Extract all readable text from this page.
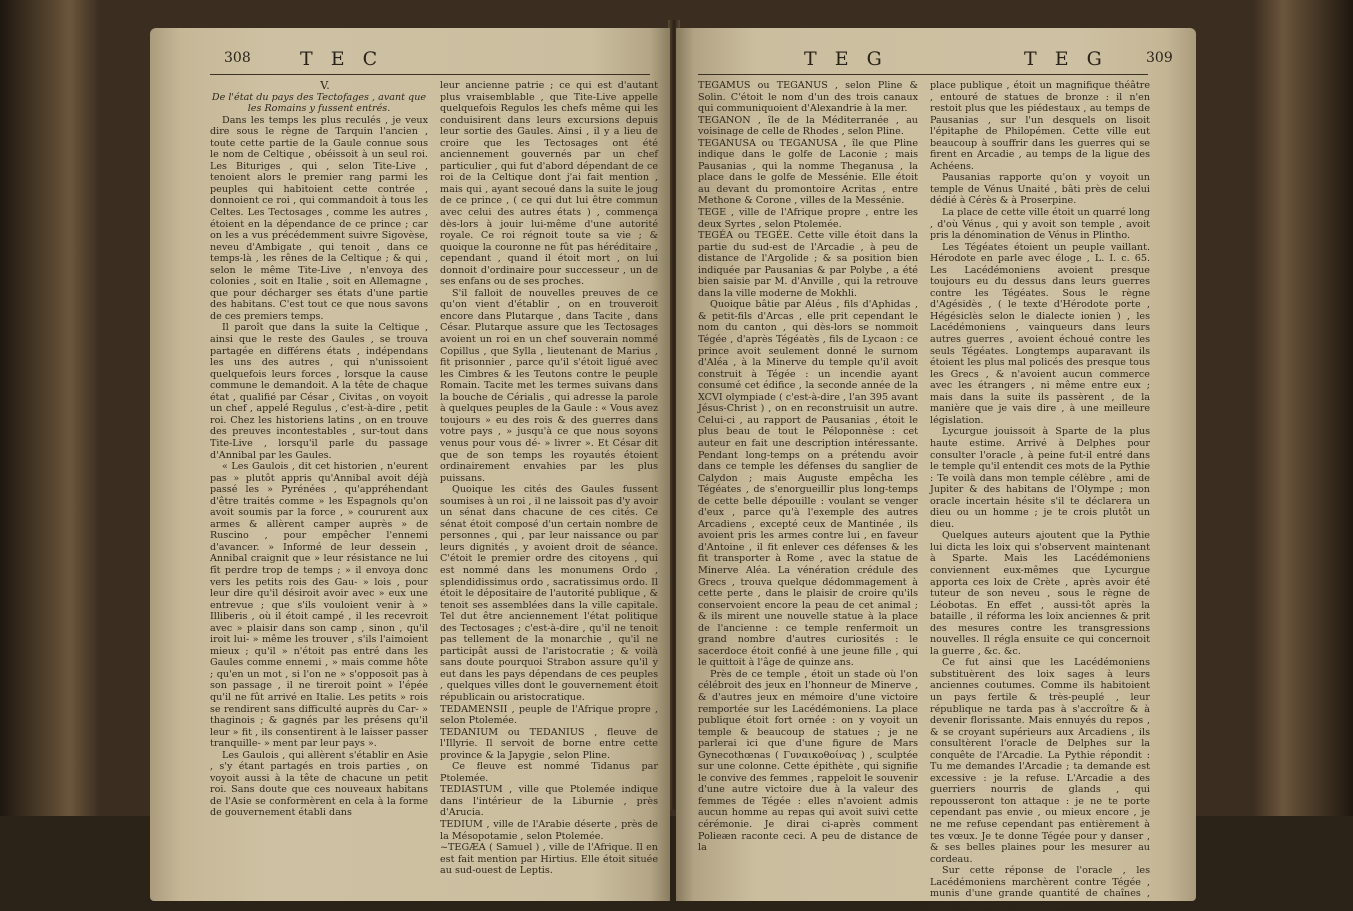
308	T E C

V.

De l'état du pays des Tectofages , avant que les Romains y fussent entrés.

Dans les temps les plus reculés , je veux dire sous le règne de Tarquin l'ancien , toute cette partie de la Gaule connue sous le nom de Celtique , obéissoit à un seul roi. Les Bituriges , qui , selon Tite-Live , tenoient alors le premier rang parmi les peuples qui habitoient cette contrée , donnoient ce roi , qui commandoit à tous les Celtes. Les Tectosages , comme les autres , étoient en la dépendance de ce prince ; car on les a vus précédemment suivre Sigovèse, neveu d'Ambigate , qui tenoit , dans ce temps-là , les rênes de la Celtique ; & qui , selon le même Tite-Live , n'envoya des colonies , soit en Italie , soit en Allemagne , que pour décharger ses états d'une partie des habitans. C'est tout ce que nous savons de ces premiers temps.

Il paroît que dans la suite la Celtique , ainsi que le reste des Gaules , se trouva partagée en différens états , indépendans les uns des autres , qui n'unissoient quelquefois leurs forces , lorsque la cause commune le demandoit. A la tête de chaque état , qualifié par César , Civitas , on voyoit un chef , appelé Regulus , c'est-à-dire , petit roi. Chez les historiens latins , on en trouve des preuves incontestables , sur-tout dans Tite-Live , lorsqu'il parle du passage d'Annibal par les Gaules.

« Les Gaulois , dit cet historien , n'eurent pas » plutôt appris qu'Annibal avoit déjà passé les » Pyrénées , qu'appréhendant d'être traités comme » les Espagnols qu'on avoit soumis par la force , » coururent aux armes & allèrent camper auprès » de Ruscino , pour empêcher l'ennemi d'avancer. » Informé de leur dessein , Annibal craignit que » leur résistance ne lui fît perdre trop de temps ; » il envoya donc vers les petits rois des Gau- » lois , pour leur dire qu'il désiroit avoir avec » eux une entrevue ; que s'ils vouloient venir à » Illiberis , où il étoit campé , il les recevroit avec » plaisir dans son camp , sinon , qu'il iroit lui- » même les trouver , s'ils l'aimoient mieux ; qu'il » n'étoit pas entré dans les Gaules comme ennemi , » mais comme hôte ; qu'en un mot , si l'on ne » s'opposoit pas à son passage , il ne tireroit point » l'épée qu'il ne fût arrivé en Italie. Les petits » rois se rendirent sans difficulté auprès du Car- » thaginois ; & gagnés par les présens qu'il leur » fit , ils consentirent à le laisser passer tranquille- » ment par leur pays ».

Les Gaulois , qui allèrent s'établir en Asie , s'y étant partagés en trois parties , on voyoit aussi à la tête de chacune un petit roi. Sans doute que ces nouveaux habitans de l'Asie se conformèrent en cela à la forme de gouvernement établi dans

leur ancienne patrie ; ce qui est d'autant plus vraisemblable , que Tite-Live appelle quelquefois Regulos les chefs même qui les conduisirent dans leurs excursions depuis leur sortie des Gaules. Ainsi , il y a lieu de croire que les Tectosages ont été anciennement gouvernés par un chef particulier , qui fut d'abord dépendant de ce roi de la Celtique dont j'ai fait mention , mais qui , ayant secoué dans la suite le joug de ce prince , ( ce qui dut lui être commun avec celui des autres états ) , commença dès-lors à jouir lui-même d'une autorité royale. Ce roi régnoit toute sa vie ; & quoique la couronne ne fût pas héréditaire , cependant , quand il étoit mort , on lui donnoit d'ordinaire pour successeur , un de ses enfans ou de ses proches.

S'il falloit de nouvelles preuves de ce qu'on vient d'établir , on en trouveroit encore dans Plutarque , dans Tacite , dans César. Plutarque assure que les Tectosages avoient un roi en un chef souverain nommé Copillus , que Sylla , lieutenant de Marius , fit prisonnier , parce qu'il s'étoit ligué avec les Cimbres & les Teutons contre le peuple Romain. Tacite met les termes suivans dans la bouche de Cérialis , qui adresse la parole à quelques peuples de la Gaule : « Vous avez toujours » eu des rois & des guerres dans votre pays , » jusqu'à ce que nous soyons venus pour vous dé- » livrer ». Et César dit que de son temps les royautés étoient ordinairement envahies par les plus puissans.

Quoique les cités des Gaules fussent soumises à un roi , il ne laissoit pas d'y avoir un sénat dans chacune de ces cités. Ce sénat étoit composé d'un certain nombre de personnes , qui , par leur naissance ou par leurs dignités , y avoient droit de séance. C'étoit le premier ordre des citoyens , qui est nommé dans les monumens Ordo , splendidissimus ordo , sacratissimus ordo. Il étoit le dépositaire de l'autorité publique , & tenoit ses assemblées dans la ville capitale. Tel dut être anciennement l'état politique des Tectosages ; c'est-à-dire , qu'il ne tenoit pas tellement de la monarchie , qu'il ne participât aussi de l'aristocratie ; & voilà sans doute pourquoi Strabon assure qu'il y eut dans les pays dépendans de ces peuples , quelques villes dont le gouvernement étoit républicain ou aristocratique.

TEDAMENSII , peuple de l'Afrique propre , selon Ptolemée.

TEDANIUM ou TEDANIUS , fleuve de l'Illyrie. Il servoit de borne entre cette province & la Japygie , selon Pline.

Ce fleuve est nommé Tidanus par Ptolemée.

TEDIASTUM , ville que Ptolemée indique dans l'intérieur de la Liburnie , près d'Arucia.

TEDIUM , ville de l'Arabie déserte , près de la Mésopotamie , selon Ptolemée.

~TEGÆA ( Samuel ) , ville de l'Afrique. Il en est fait mention par Hirtius. Elle étoit située au sud-ouest de Leptis.

T E G	T E G	309

TEGAMUS ou TEGANUS , selon Pline & Solin. C'étoit le nom d'un des trois canaux qui communiquoient d'Alexandrie à la mer.

TEGANON , île de la Méditerranée , au voisinage de celle de Rhodes , selon Pline.

TEGANUSA ou TEGANUSA , île que Pline indique dans le golfe de Laconie ; mais Pausanias , qui la nomme Theganusa , la place dans le golfe de Messénie. Elle étoit au devant du promontoire Acritas , entre Methone & Corone , villes de la Messénie.

TEGE , ville de l'Afrique propre , entre les deux Syrtes , selon Ptolemée.

TEGÉA ou TEGÉE. Cette ville étoit dans la partie du sud-est de l'Arcadie , à peu de distance de l'Argolide ; & sa position bien indiquée par Pausanias & par Polybe , a été bien saisie par M. d'Anville , qui la retrouve dans la ville moderne de Mokhli.

Quoique bâtie par Aléus , fils d'Aphidas , & petit-fils d'Arcas , elle prit cependant le nom du canton , qui dès-lors se nommoit Tégée , d'après Tégéatès , fils de Lycaon : ce prince avoit seulement donné le surnom d'Aléa , à la Minerve du temple qu'il avoit construit à Tégée : un incendie ayant consumé cet édifice , la seconde année de la XCVI olympiade ( c'est-à-dire , l'an 395 avant Jésus-Christ ) , on en reconstruisit un autre. Celui-ci , au rapport de Pausanias , étoit le plus beau de tout le Péloponnèse : cet auteur en fait une description intéressante. Pendant long-temps on a prétendu avoir dans ce temple les défenses du sanglier de Calydon ; mais Auguste empêcha les Tégéates , de s'enorgueillir plus long-temps de cette belle dépouille : voulant se venger d'eux , parce qu'à l'exemple des autres Arcadiens , excepté ceux de Mantinée , ils avoient pris les armes contre lui , en faveur d'Antoine , il fit enlever ces défenses & les fit transporter à Rome , avec la statue de Minerve Aléa. La vénération crédule des Grecs , trouva quelque dédommagement à cette perte , dans le plaisir de croire qu'ils conservoient encore la peau de cet animal ; & ils mirent une nouvelle statue à la place de l'ancienne : ce temple renfermoit un grand nombre d'autres curiosités : le sacerdoce étoit confié à une jeune fille , qui le quittoit à l'âge de quinze ans.

Près de ce temple , étoit un stade où l'on célébroit des jeux en l'honneur de Minerve , & d'autres jeux en mémoire d'une victoire remportée sur les Lacédémoniens. La place publique étoit fort ornée : on y voyoit un temple & beaucoup de statues ; je ne parlerai ici que d'une figure de Mars Gynecothœnas ( Γυναικοθοίνας ) , sculptée sur une colonne. Cette épithète , qui signifie le convive des femmes , rappeloit le souvenir d'une autre victoire due à la valeur des femmes de Tégée : elles n'avoient admis aucun homme au repas qui avoit suivi cette cérémonie. Je dirai ci-après comment Polieæn raconte ceci. A peu de distance de la

place publique , étoit un magnifique théâtre , entouré de statues de bronze : il n'en restoit plus que les piédestaux , au temps de Pausanias , sur l'un desquels on lisoit l'épitaphe de Philopémen. Cette ville eut beaucoup à souffrir dans les guerres qui se firent en Arcadie , au temps de la ligue des Achéens.

Pausanias rapporte qu'on y voyoit un temple de Vénus Unaité , bâti près de celui dédié à Cérès & à Proserpine.

La place de cette ville étoit un quarré long , d'où Vénus , qui y avoit son temple , avoit pris la dénomination de Vénus in Plintho.

Les Tégéates étoient un peuple vaillant. Hérodote en parle avec éloge , L. I. c. 65. Les Lacédémoniens avoient presque toujours eu du dessus dans leurs guerres contre les Tégéates. Sous le règne d'Agésidès , ( le texte d'Hérodote porte , Hégésiclès selon le dialecte ionien ) , les Lacédémoniens , vainqueurs dans leurs autres guerres , avoient échoué contre les seuls Tégéates. Longtemps auparavant ils étoient les plus mal policés des presque tous les Grecs , & n'avoient aucun commerce avec les étrangers , ni même entre eux ; mais dans la suite ils passèrent , de la manière que je vais dire , à une meilleure législation.

Lycurgue jouissoit à Sparte de la plus haute estime. Arrivé à Delphes pour consulter l'oracle , à peine fut-il entré dans le temple qu'il entendit ces mots de la Pythie : Te voilà dans mon temple célèbre , ami de Jupiter & des habitans de l'Olympe ; mon oracle incertain hésite s'il te déclarera un dieu ou un homme ; je te crois plutôt un dieu.

Quelques auteurs ajoutent que la Pythie lui dicta les loix qui s'observent maintenant à Sparte. Mais les Lacédémoniens conviennent eux-mêmes que Lycurgue apporta ces loix de Crète , après avoir été tuteur de son neveu , sous le règne de Léobotas. En effet , aussi-tôt après la bataille , il réforma les loix anciennes & prit des mesures contre les transgressions nouvelles. Il régla ensuite ce qui concernoit la guerre , &c. &c.

Ce fut ainsi que les Lacédémoniens substituèrent des loix sages à leurs anciennes coutumes. Comme ils habitoient un pays fertile & très-peuplé , leur république ne tarda pas à s'accroître & à devenir florissante. Mais ennuyés du repos , & se croyant supérieurs aux Arcadiens , ils consultèrent l'oracle de Delphes sur la conquête de l'Arcadie. La Pythie répondit : Tu me demandes l'Arcadie ; ta demande est excessive : je la refuse. L'Arcadie a des guerriers nourris de glands , qui repousseront ton attaque : je ne te porte cependant pas envie , ou mieux encore , je ne me refuse cependant pas entièrement à tes vœux. Je te donne Tégée pour y danser , & ses belles plaines pour les mesurer au cordeau.

Sur cette réponse de l'oracle , les Lacédémoniens marchèrent contre Tégée , munis d'une grande quantité de chaînes , qu'ils destinoient aux prison-
